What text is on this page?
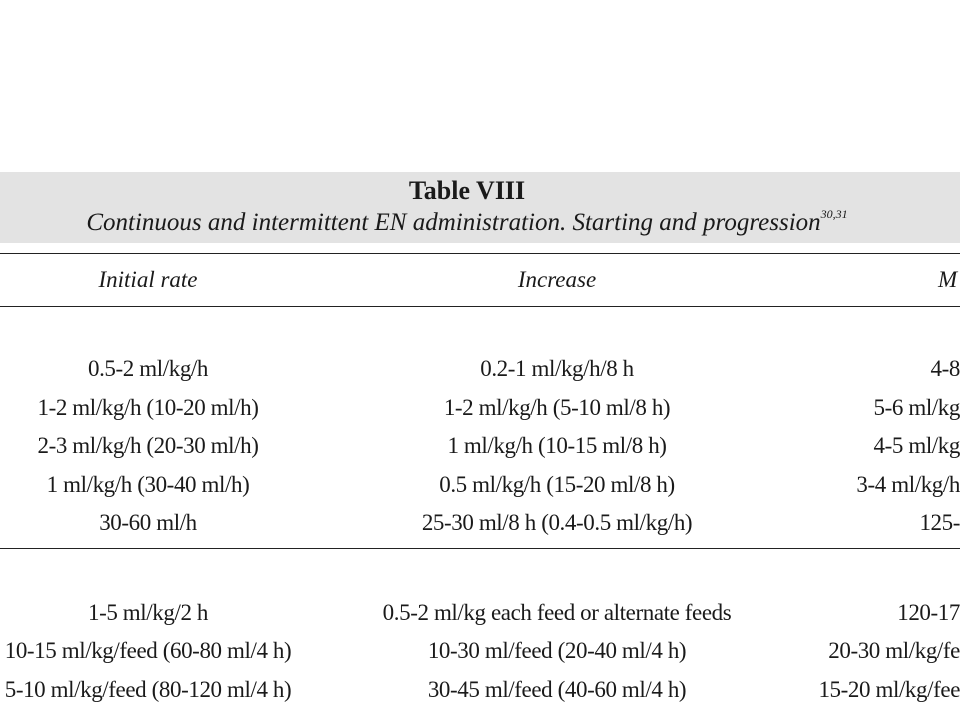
Table VIII
Continuous and intermittent EN administration. Starting and progression$^{30,31}$
Initial rate	Increase	M
0.5-2 ml/kg/h	0.2-1 ml/kg/h/8 h	4-8
1-2 ml/kg/h (10-20 ml/h)	1-2 ml/kg/h (5-10 ml/8 h)	5-6 ml/kg
2-3 ml/kg/h (20-30 ml/h)	1 ml/kg/h (10-15 ml/8 h)	4-5 ml/kg
1 ml/kg/h (30-40 ml/h)	0.5 ml/kg/h (15-20 ml/8 h)	3-4 ml/kg/h
30-60 ml/h	25-30 ml/8 h (0.4-0.5 ml/kg/h)	125-
1-5 ml/kg/2 h	0.5-2 ml/kg each feed or alternate feeds	120-17
10-15 ml/kg/feed (60-80 ml/4 h)	10-30 ml/feed (20-40 ml/4 h)	20-30 ml/kg/fe
5-10 ml/kg/feed (80-120 ml/4 h)	30-45 ml/feed (40-60 ml/4 h)	15-20 ml/kg/fee
